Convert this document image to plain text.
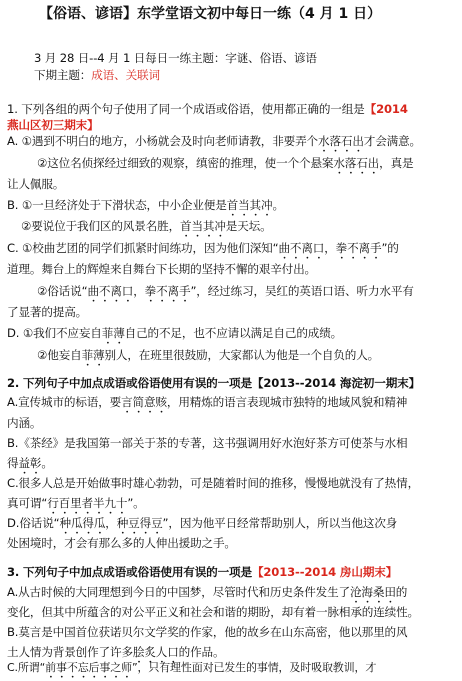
【俗语、谚语】东学堂语文初中每日一练（4 月 1 日）
3 月 28 日--4 月 1 日每日一练主题：字谜、俗语、谚语
下期主题：成语、关联词
1. 下列各组的两个句子使用了同一个成语或俗语，使用都正确的一组是【2014
燕山区初三期末】
A. ①遇到不明白的地方，小杨就会及时向老师请教，非要弄个水落石出才会满意。
②这位名侦探经过细致的观察，缜密的推理，使一个个悬案水落石出，真是
让人佩服。
B. ①一旦经济处于下滑状态，中小企业便是首当其冲。
②要说位于我们区的风景名胜，首当其冲是天坛。
C. ①校曲艺团的同学们抓紧时间练功，因为他们深知“曲不离口，拳不离手”的
道理。舞台上的辉煌来自舞台下长期的坚持不懈的艰辛付出。
②俗话说“曲不离口，拳不离手”，经过练习，吴红的英语口语、听力水平有
了显著的提高。
D. ①我们不应妄自菲薄自己的不足，也不应请以满足自己的成绩。
②他妄自菲薄别人，在班里很鼓励，大家都认为他是一个自负的人。
2. 下列句子中加点成语或俗语使用有误的一项是【2013--2014 海淀初一期末】
A.宣传城市的标语，要言简意赅，用精炼的语言表现城市独特的地域风貌和精神
内涵。
B.《茶经》是我国第一部关于茶的专著，这书强调用好水泡好茶方可使茶与水相
得益彰。
C.很多人总是开始做事时雄心勃勃，可是随着时间的推移，慢慢地就没有了热情，
真可谓“行百里者半九十”。
D.俗话说“种瓜得瓜，种豆得豆”，因为他平日经常帮助别人，所以当他这次身
处困境时，才会有那么多的人伸出援助之手。
3. 下列句子中加点成语或俗语使用有误的一项是【2013--2014 房山期末】
A.从古时候的大同理想到今日的中国梦，尽管时代和历史条件发生了沧海桑田的
变化，但其中所蕴含的对公平正义和社会和谐的期盼，却有着一脉相承的连续性。
B.莫言是中国首位获诺贝尔文学奖的作家，他的故乡在山东高密，他以那里的风
土人情为背景创作了许多脍炙人口的作品。
C.所谓“前事不忘后事之师”，只有理性面对已发生的事情，及时吸取教训，才
